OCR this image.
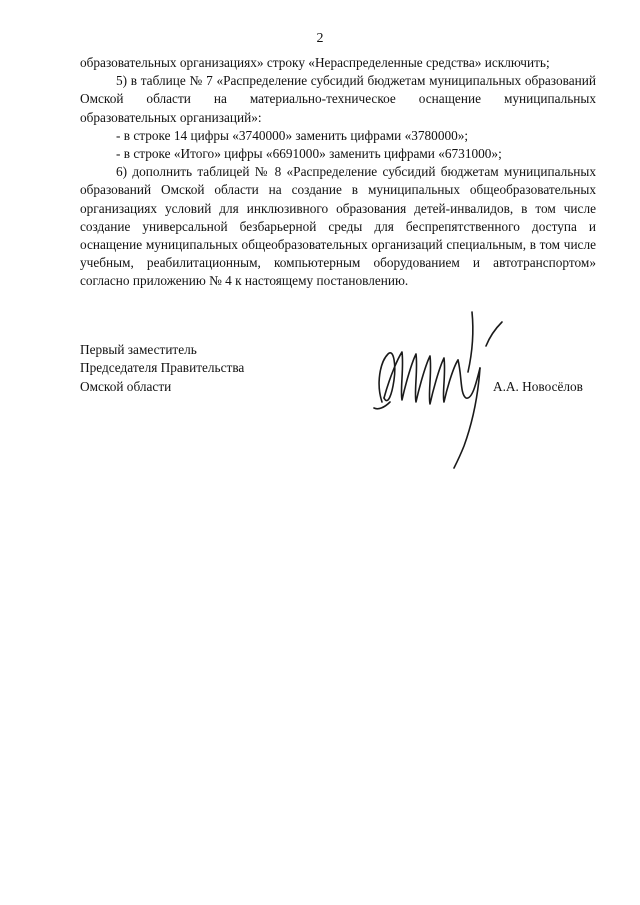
2

образовательных организациях» строку «Нераспределенные средства» исключить;

5) в таблице № 7 «Распределение субсидий бюджетам муниципальных образований Омской области на материально-техническое оснащение муниципальных образовательных организаций»:

- в строке 14 цифры «3740000» заменить цифрами «3780000»;

- в строке «Итого» цифры «6691000» заменить цифрами «6731000»;

6) дополнить таблицей № 8 «Распределение субсидий бюджетам муниципальных образований Омской области на создание в муниципальных общеобразовательных организациях условий для инклюзивного образования детей-инвалидов, в том числе создание универсальной безбарьерной среды для беспрепятственного доступа и оснащение муниципальных общеобразовательных организаций специальным, в том числе учебным, реабилитационным, компьютерным оборудованием и автотранспортом» согласно приложению № 4 к настоящему постановлению.

Первый заместитель
Председателя Правительства
Омской области	А.А. Новосёлов
